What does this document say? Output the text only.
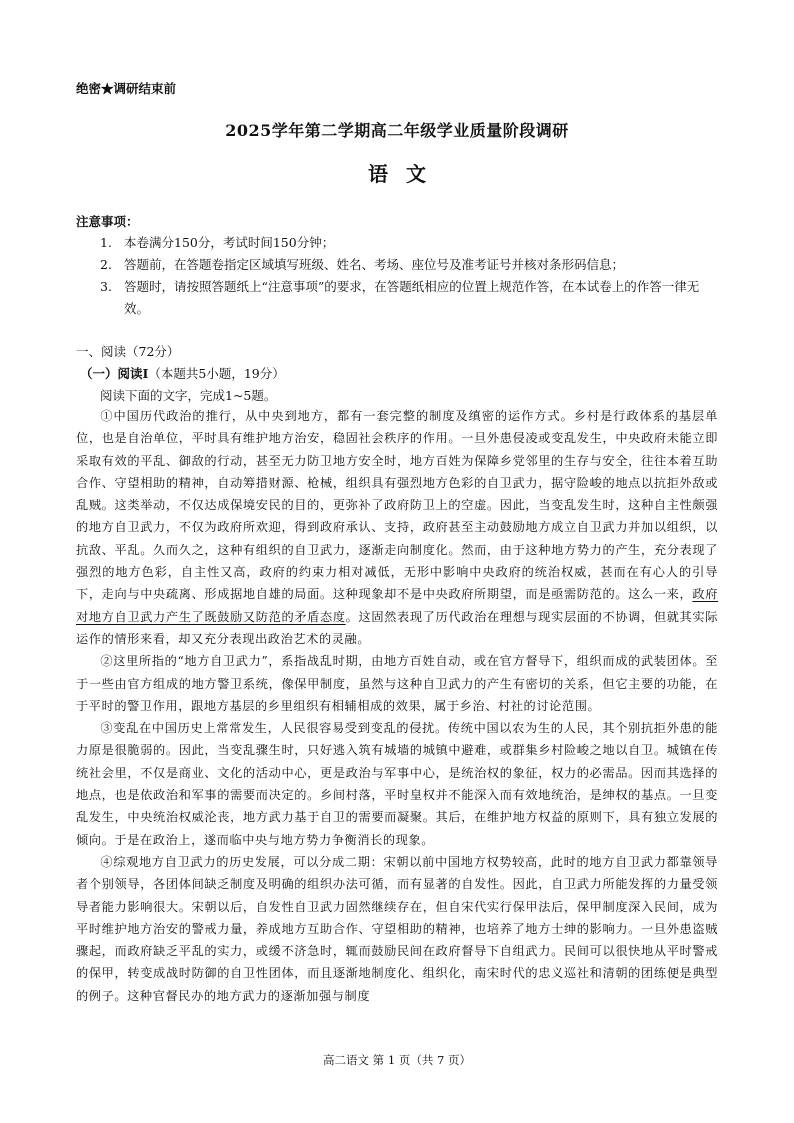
绝密★调研结束前
2025学年第二学期高二年级学业质量阶段调研
语文
注意事项：
1. 本卷满分150分，考试时间150分钟；
2. 答题前，在答题卷指定区域填写班级、姓名、考场、座位号及准考证号并核对条形码信息；
3. 答题时，请按照答题纸上“注意事项”的要求，在答题纸相应的位置上规范作答，在本试卷上的作答一律无效。
一、阅读（72分）
（一）阅读Ⅰ（本题共5小题，19分）
阅读下面的文字，完成1~5题。

①中国历代政治的推行，从中央到地方，都有一套完整的制度及缜密的运作方式。乡村是行政体系的基层单位，也是自治单位，平时具有维护地方治安，稳固社会秩序的作用。一旦外患侵凌或变乱发生，中央政府未能立即采取有效的平乱、御敌的行动，甚至无力防卫地方安全时，地方百姓为保障乡党邻里的生存与安全，往往本着互助合作、守望相助的精神，自动筹措财源、枪械，组织具有强烈地方色彩的自卫武力，据守险峻的地点以抗拒外敌或乱贼。这类举动，不仅达成保境安民的目的，更弥补了政府防卫上的空虚。因此，当变乱发生时，这种自主性颇强的地方自卫武力，不仅为政府所欢迎，得到政府承认、支持，政府甚至主动鼓励地方成立自卫武力并加以组织，以抗敌、平乱。久而久之，这种有组织的自卫武力，逐渐走向制度化。然而，由于这种地方势力的产生，充分表现了强烈的地方色彩，自主性又高，政府的约束力相对减低，无形中影响中央政府的统治权威，甚而在有心人的引导下，走向与中央疏离、形成据地自雄的局面。这种现象却不是中央政府所期望，而是亟需防范的。这么一来，政府对地方自卫武力产生了既鼓励又防范的矛盾态度。这固然表现了历代政治在理想与现实层面的不协调，但就其实际运作的情形来看，却又充分表现出政治艺术的灵融。

②这里所指的“地方自卫武力”，系指战乱时期，由地方百姓自动，或在官方督导下，组织而成的武装团体。至于一些由官方组成的地方警卫系统，像保甲制度，虽然与这种自卫武力的产生有密切的关系，但它主要的功能，在于平时的警卫作用，跟地方基层的乡里组织有相辅相成的效果，属于乡治、村社的讨论范围。

③变乱在中国历史上常常发生，人民很容易受到变乱的侵扰。传统中国以农为生的人民，其个别抗拒外患的能力原是很脆弱的。因此，当变乱骤生时，只好逃入筑有城墙的城镇中避难，或群集乡村险峻之地以自卫。城镇在传统社会里，不仅是商业、文化的活动中心，更是政治与军事中心，是统治权的象征，权力的必需品。因而其选择的地点，也是依政治和军事的需要而决定的。乡间村落，平时皇权并不能深入而有效地统治，是绅权的基点。一旦变乱发生，中央统治权威沦丧，地方武力基于自卫的需要而凝聚。其后，在维护地方权益的原则下，具有独立发展的倾向。于是在政治上，遂而临中央与地方势力争衡消长的现象。

④综观地方自卫武力的历史发展，可以分成二期：宋朝以前中国地方权势较高，此时的地方自卫武力都靠领导者个别领导，各团体间缺乏制度及明确的组织办法可循，而有显著的自发性。因此，自卫武力所能发挥的力量受领导者能力影响很大。宋朝以后，自发性自卫武力固然继续存在，但自宋代实行保甲法后，保甲制度深入民间，成为平时维护地方治安的警戒力量，养成地方互助合作、守望相助的精神，也培养了地方士绅的影响力。一旦外患盗贼骤起，而政府缺乏平乱的实力，或缓不济急时，辄而鼓励民间在政府督导下自组武力。民间可以很快地从平时警戒的保甲，转变成战时防御的自卫性团体，而且逐渐地制度化、组织化，南宋时代的忠义巡社和清朝的团练便是典型的例子。这种官督民办的地方武力的逐渐加强与制度

高二语文 第 1 页（共 7 页）
